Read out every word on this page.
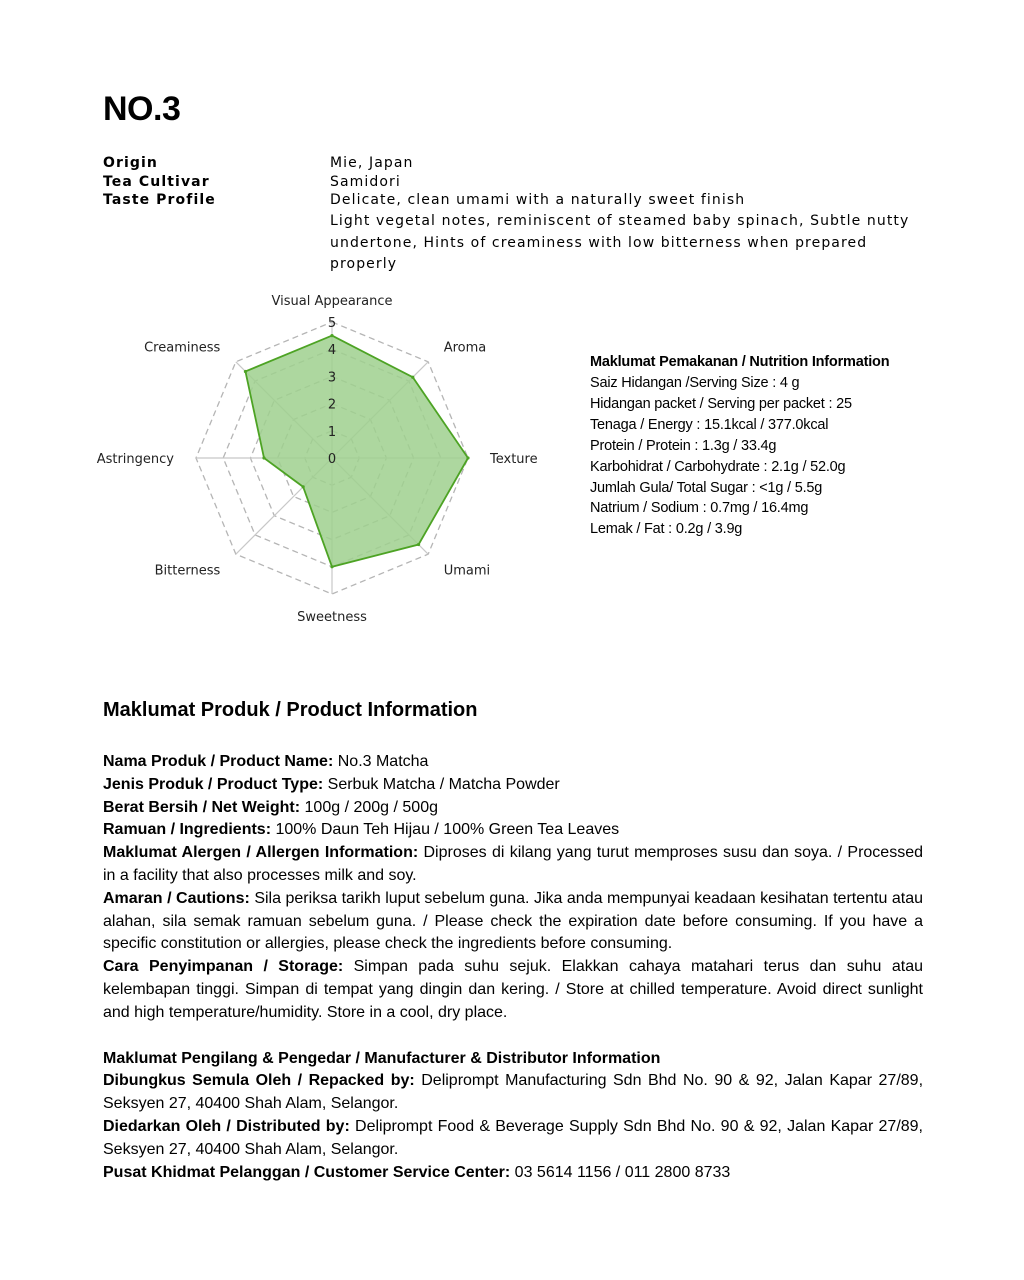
NO.3
Origin	Mie, Japan
Tea Cultivar	Samidori
Taste Profile	Delicate, clean umami with a naturally sweet finish
Light vegetal notes, reminiscent of steamed baby spinach, Subtle nutty
undertone, Hints of creaminess with low bitterness when prepared properly
0
1
2
3
4
5
Visual Appearance
Aroma
Texture
Umami
Sweetness
Bitterness
Astringency
Creaminess
Maklumat Pemakanan / Nutrition Information
Saiz Hidangan /Serving Size : 4 g
Hidangan packet / Serving per packet : 25
Tenaga / Energy : 15.1kcal / 377.0kcal
Protein / Protein : 1.3g / 33.4g
Karbohidrat / Carbohydrate : 2.1g / 52.0g
Jumlah Gula/ Total Sugar : <1g / 5.5g
Natrium / Sodium : 0.7mg / 16.4mg
Lemak / Fat : 0.2g / 3.9g
Maklumat Produk / Product Information

Nama Produk / Product Name: No.3 Matcha

Jenis Produk / Product Type: Serbuk Matcha / Matcha Powder

Berat Bersih / Net Weight: 100g / 200g / 500g

Ramuan / Ingredients: 100% Daun Teh Hijau / 100% Green Tea Leaves

Maklumat Alergen / Allergen Information: Diproses di kilang yang turut memproses susu dan soya. / Processed in a facility that also processes milk and soy.

Amaran / Cautions: Sila periksa tarikh luput sebelum guna. Jika anda mempunyai keadaan kesihatan tertentu atau alahan, sila semak ramuan sebelum guna. / Please check the expiration date before consuming. If you have a specific constitution or allergies, please check the ingredients before consuming.

Cara Penyimpanan / Storage: Simpan pada suhu sejuk. Elakkan cahaya matahari terus dan suhu atau kelembapan tinggi. Simpan di tempat yang dingin dan kering. / Store at chilled temperature. Avoid direct sunlight and high temperature/humidity. Store in a cool, dry place.

Maklumat Pengilang & Pengedar / Manufacturer & Distributor Information

Dibungkus Semula Oleh / Repacked by: Deliprompt Manufacturing Sdn Bhd No. 90 & 92, Jalan Kapar 27/89, Seksyen 27, 40400 Shah Alam, Selangor.

Diedarkan Oleh / Distributed by: Deliprompt Food & Beverage Supply Sdn Bhd No. 90 & 92, Jalan Kapar 27/89, Seksyen 27, 40400 Shah Alam, Selangor.

Pusat Khidmat Pelanggan / Customer Service Center: 03 5614 1156 / 011 2800 8733
